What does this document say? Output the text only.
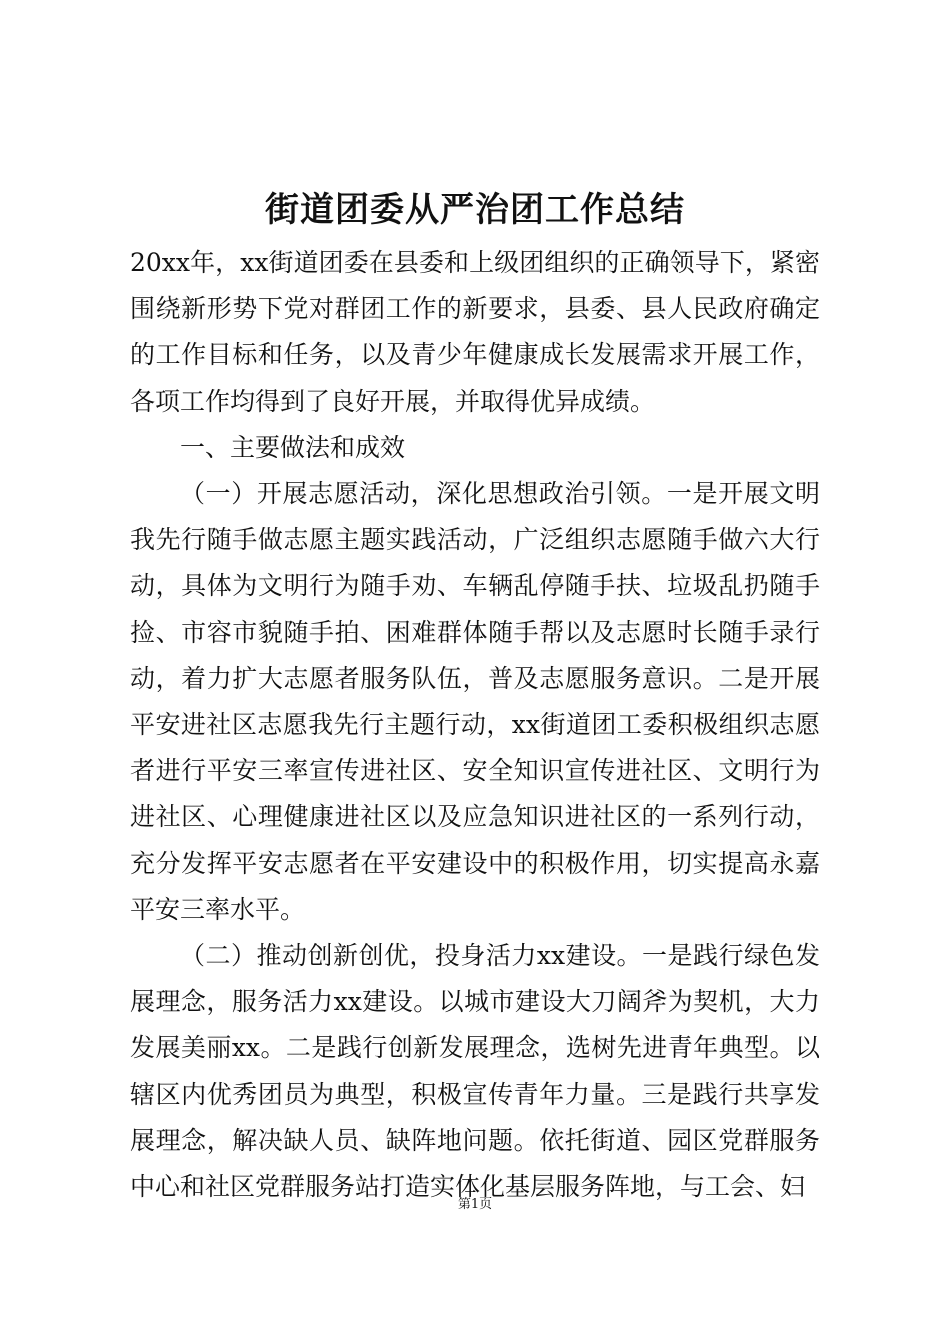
街道团委从严治团工作总结

20xx年，xx街道团委在县委和上级团组织的正确领导下，紧密围绕新形势下党对群团工作的新要求，县委、县人民政府确定的工作目标和任务，以及青少年健康成长发展需求开展工作，各项工作均得到了良好开展，并取得优异成绩。

一、主要做法和成效

（一）开展志愿活动，深化思想政治引领。一是开展文明我先行随手做志愿主题实践活动，广泛组织志愿随手做六大行动，具体为文明行为随手劝、车辆乱停随手扶、垃圾乱扔随手捡、市容市貌随手拍、困难群体随手帮以及志愿时长随手录行动，着力扩大志愿者服务队伍，普及志愿服务意识。二是开展平安进社区志愿我先行主题行动，xx街道团工委积极组织志愿者进行平安三率宣传进社区、安全知识宣传进社区、文明行为进社区、心理健康进社区以及应急知识进社区的一系列行动，充分发挥平安志愿者在平安建设中的积极作用，切实提高永嘉平安三率水平。

（二）推动创新创优，投身活力xx建设。一是践行绿色发展理念，服务活力xx建设。以城市建设大刀阔斧为契机，大力发展美丽xx。二是践行创新发展理念，选树先进青年典型。以辖区内优秀团员为典型，积极宣传青年力量。三是践行共享发展理念，解决缺人员、缺阵地问题。依托街道、园区党群服务中心和社区党群服务站打造实体化基层服务阵地，与工会、妇

第1页
